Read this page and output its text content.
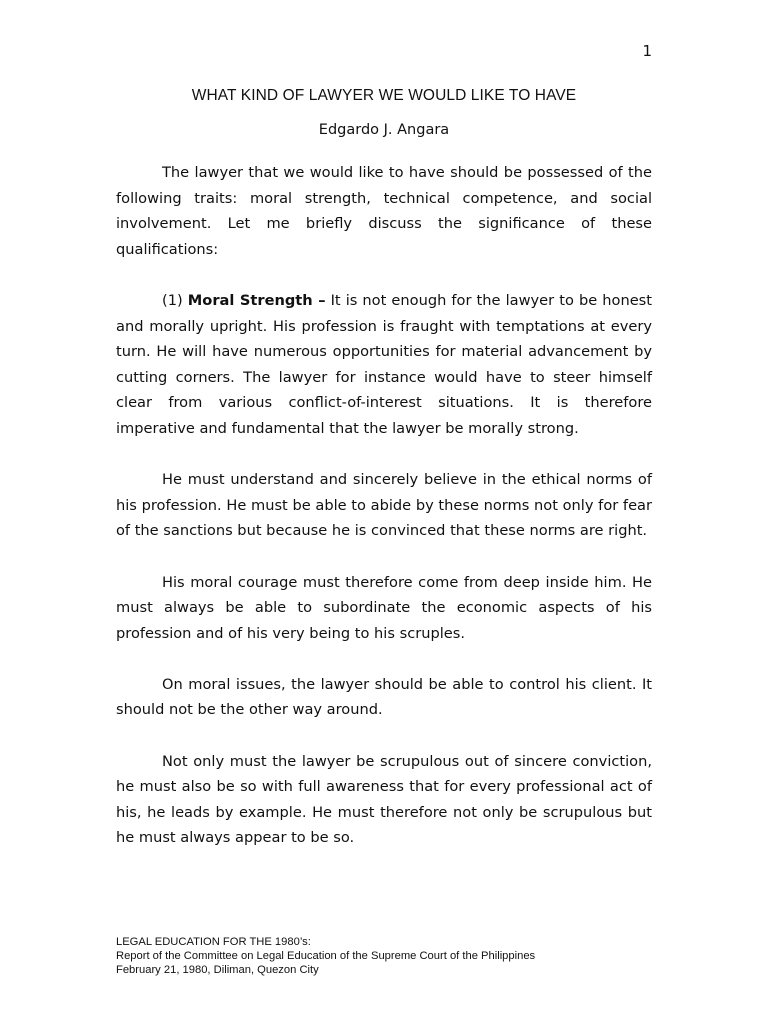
1
WHAT KIND OF LAWYER WE WOULD LIKE TO HAVE
Edgardo J. Angara

The lawyer that we would like to have should be possessed of the following traits: moral strength, technical competence, and social involvement. Let me briefly discuss the significance of these qualifications:

(1) Moral Strength – It is not enough for the lawyer to be honest and morally upright. His profession is fraught with temptations at every turn. He will have numerous opportunities for material advancement by cutting corners. The lawyer for instance would have to steer himself clear from various conflict-of-interest situations. It is therefore imperative and fundamental that the lawyer be morally strong.

He must understand and sincerely believe in the ethical norms of his profession. He must be able to abide by these norms not only for fear of the sanctions but because he is convinced that these norms are right.

His moral courage must therefore come from deep inside him. He must always be able to subordinate the economic aspects of his profession and of his very being to his scruples.

On moral issues, the lawyer should be able to control his client. It should not be the other way around.

Not only must the lawyer be scrupulous out of sincere conviction, he must also be so with full awareness that for every professional act of his, he leads by example. He must therefore not only be scrupulous but he must always appear to be so.

LEGAL EDUCATION FOR THE 1980’s:
Report of the Committee on Legal Education of the Supreme Court of the Philippines
February 21, 1980, Diliman, Quezon City
